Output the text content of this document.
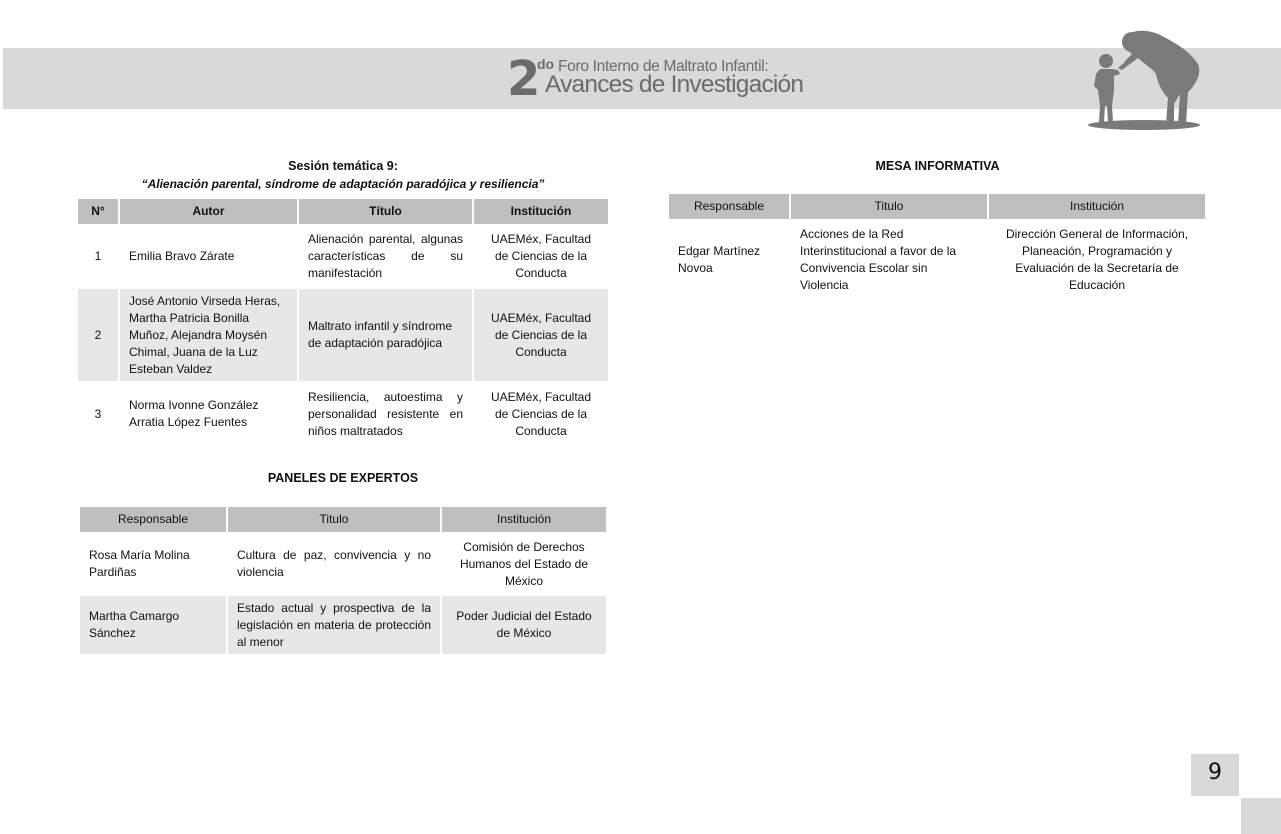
2
do Foro Interno de Maltrato Infantil:
Avances de Investigación
Sesión temática 9:
“Alienación parental, síndrome de adaptación paradójica y resiliencia”
N°	Autor	Título	Institución
1	Emilia Bravo Zárate	Alienación parental, algunas características de su manifestación	UAEMéx, Facultad de Ciencias de la Conducta
2	José Antonio Virseda Heras, Martha Patricia Bonilla Muñoz, Alejandra Moysén Chimal, Juana de la Luz Esteban Valdez	Maltrato infantil y síndrome de adaptación paradójica	UAEMéx, Facultad de Ciencias de la Conducta
3	Norma Ivonne González Arratia López Fuentes	Resiliencia, autoestima y personalidad resistente en niños maltratados	UAEMéx, Facultad de Ciencias de la Conducta
PANELES DE EXPERTOS
Responsable	Titulo	Institución
Rosa María Molina Pardiñas	Cultura de paz, convivencia y no violencia	Comisión de Derechos Humanos del Estado de México
Martha Camargo Sánchez	Estado actual y prospectiva de la legislación en materia de protección al menor	Poder Judicial del Estado de México
MESA INFORMATIVA
Responsable	Titulo	Institución
Edgar Martínez Novoa	Acciones de la Red Interinstitucional a favor de la Convivencia Escolar sin Violencia	Dirección General de Información, Planeación, Programación y Evaluación de la Secretaría de Educación
9
